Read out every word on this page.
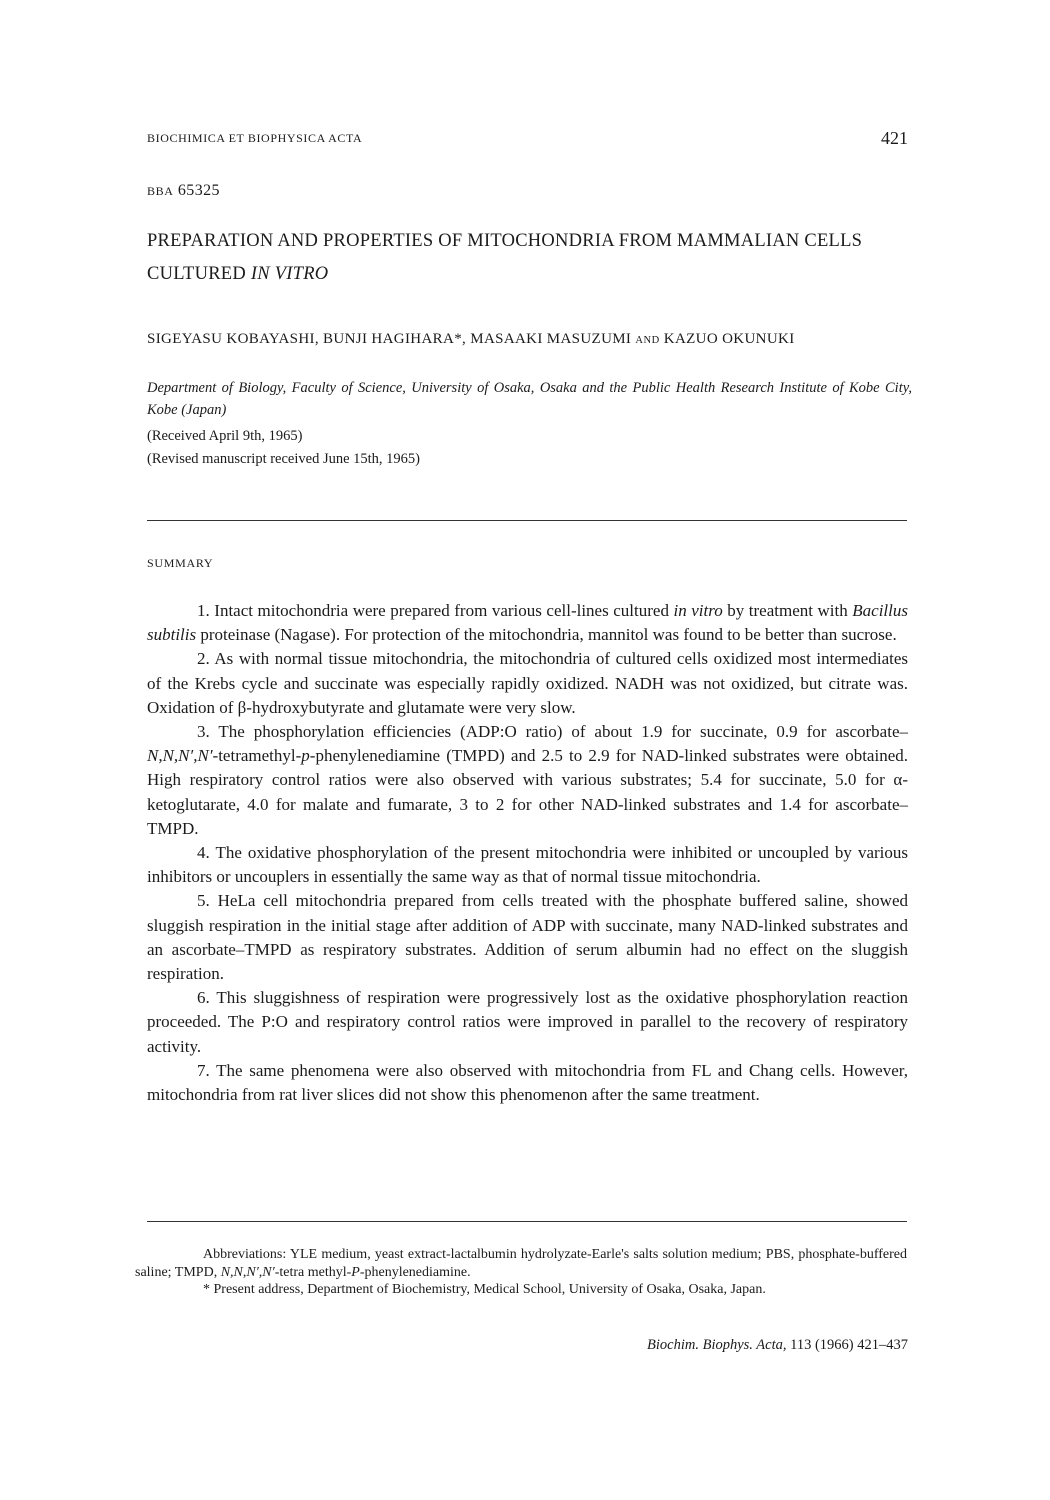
BIOCHIMICA ET BIOPHYSICA ACTA	421
BBA 65325
PREPARATION AND PROPERTIES OF MITOCHONDRIA FROM MAMMALIAN CELLS CULTURED IN VITRO
SIGEYASU KOBAYASHI, BUNJI HAGIHARA*, MASAAKI MASUZUMI AND KAZUO OKUNUKI
Department of Biology, Faculty of Science, University of Osaka, Osaka and the Public Health Research Institute of Kobe City, Kobe (Japan)
(Received April 9th, 1965)
(Revised manuscript received June 15th, 1965)
SUMMARY

1. Intact mitochondria were prepared from various cell-lines cultured in vitro by treatment with Bacillus subtilis proteinase (Nagase). For protection of the mitochondria, mannitol was found to be better than sucrose.

2. As with normal tissue mitochondria, the mitochondria of cultured cells oxidized most intermediates of the Krebs cycle and succinate was especially rapidly oxidized. NADH was not oxidized, but citrate was. Oxidation of β-hydroxybutyrate and glutamate were very slow.

3. The phosphorylation efficiencies (ADP:O ratio) of about 1.9 for succinate, 0.9 for ascorbate–N,N,N′,N′-tetramethyl-p-phenylenediamine (TMPD) and 2.5 to 2.9 for NAD-linked substrates were obtained. High respiratory control ratios were also observed with various substrates; 5.4 for succinate, 5.0 for α-ketoglutarate, 4.0 for malate and fumarate, 3 to 2 for other NAD-linked substrates and 1.4 for ascorbate–TMPD.

4. The oxidative phosphorylation of the present mitochondria were inhibited or uncoupled by various inhibitors or uncouplers in essentially the same way as that of normal tissue mitochondria.

5. HeLa cell mitochondria prepared from cells treated with the phosphate buffered saline, showed sluggish respiration in the initial stage after addition of ADP with succinate, many NAD-linked substrates and an ascorbate–TMPD as respiratory substrates. Addition of serum albumin had no effect on the sluggish respiration.

6. This sluggishness of respiration were progressively lost as the oxidative phosphorylation reaction proceeded. The P:O and respiratory control ratios were improved in parallel to the recovery of respiratory activity.

7. The same phenomena were also observed with mitochondria from FL and Chang cells. However, mitochondria from rat liver slices did not show this phenomenon after the same treatment.

Abbreviations: YLE medium, yeast extract-lactalbumin hydrolyzate-Earle's salts solution medium; PBS, phosphate-buffered saline; TMPD, N,N,N′,N′-tetra methyl-P-phenylenediamine.

* Present address, Department of Biochemistry, Medical School, University of Osaka, Osaka, Japan.

Biochim. Biophys. Acta, 113 (1966) 421–437
